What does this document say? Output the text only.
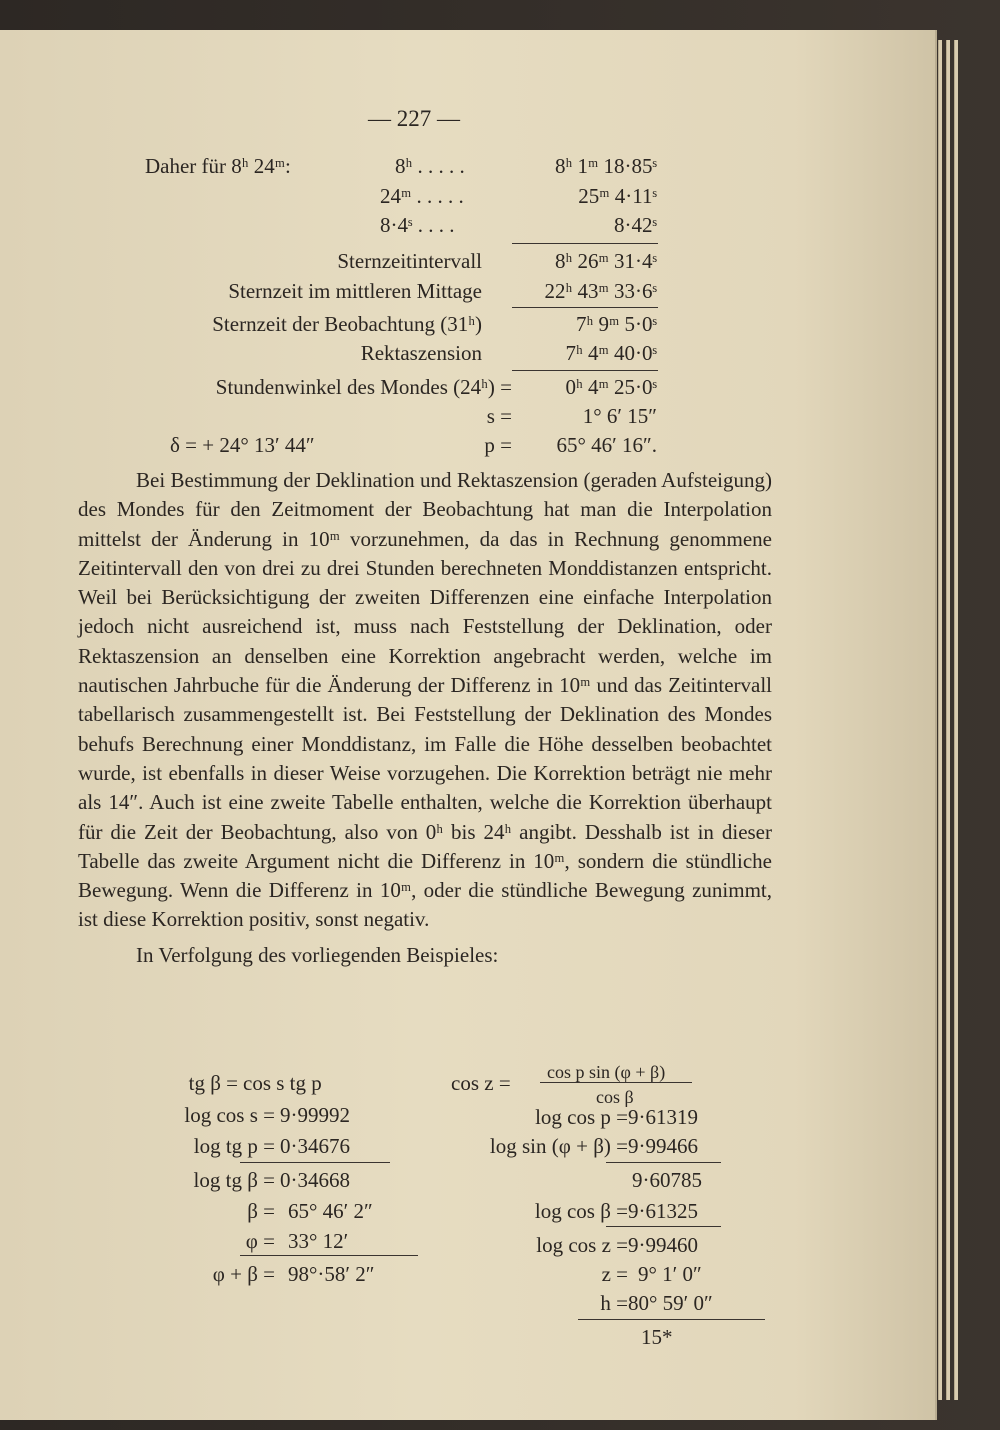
— 227 —
Daher für 8ʰ 24ᵐ:	8ʰ . . . . .	8ʰ 1ᵐ 18·85ˢ
24ᵐ . . . . .	25ᵐ 4·11ˢ
8·4ˢ . . . .	8·42ˢ
Sternzeitintervall	8ʰ 26ᵐ 31·4ˢ
Sternzeit im mittleren Mittage	22ʰ 43ᵐ 33·6ˢ
Sternzeit der Beobachtung (31ʰ)	7ʰ 9ᵐ 5·0ˢ
Rektaszension	7ʰ 4ᵐ 40·0ˢ
Stundenwinkel des Mondes (24ʰ) =	0ʰ 4ᵐ 25·0ˢ
s =	1° 6′ 15″
δ = + 24° 13′ 44″	p =	65° 46′ 16″.

Bei Bestimmung der Deklination und Rektaszension (geraden Aufsteigung) des Mondes für den Zeitmoment der Beobachtung hat man die Interpolation mittelst der Änderung in 10ᵐ vorzunehmen, da das in Rechnung genommene Zeitintervall den von drei zu drei Stunden berechneten Monddistanzen entspricht. Weil bei Berücksichtigung der zweiten Differenzen eine einfache Interpolation jedoch nicht ausreichend ist, muss nach Feststellung der Deklination, oder Rektaszension an denselben eine Korrektion angebracht werden, welche im nautischen Jahrbuche für die Änderung der Differenz in 10ᵐ und das Zeitintervall tabellarisch zusammengestellt ist. Bei Feststellung der Deklination des Mondes behufs Berechnung einer Monddistanz, im Falle die Höhe desselben beobachtet wurde, ist ebenfalls in dieser Weise vorzugehen. Die Korrektion beträgt nie mehr als 14″. Auch ist eine zweite Tabelle enthalten, welche die Korrektion überhaupt für die Zeit der Beobachtung, also von 0ʰ bis 24ʰ angibt. Desshalb ist in dieser Tabelle das zweite Argument nicht die Differenz in 10ᵐ, sondern die stündliche Bewegung. Wenn die Differenz in 10ᵐ, oder die stündliche Bewegung zunimmt, ist diese Korrektion positiv, sonst negativ.

In Verfolgung des vorliegenden Beispieles:

tg β = cos s tg p
log cos s = 9·99992
log tg p = 0·34676
log tg β = 0·34668
β = 65° 46′ 2″
φ = 33° 12′
φ + β = 98°·58′ 2″
cos z = cos p sin (φ + β)
cos β
log cos p = 9·61319
log sin (φ + β) = 9·99466
9·60785
log cos β = 9·61325
log cos z = 9·99460
z = 9° 1′ 0″
h = 80° 59′ 0″
15*
